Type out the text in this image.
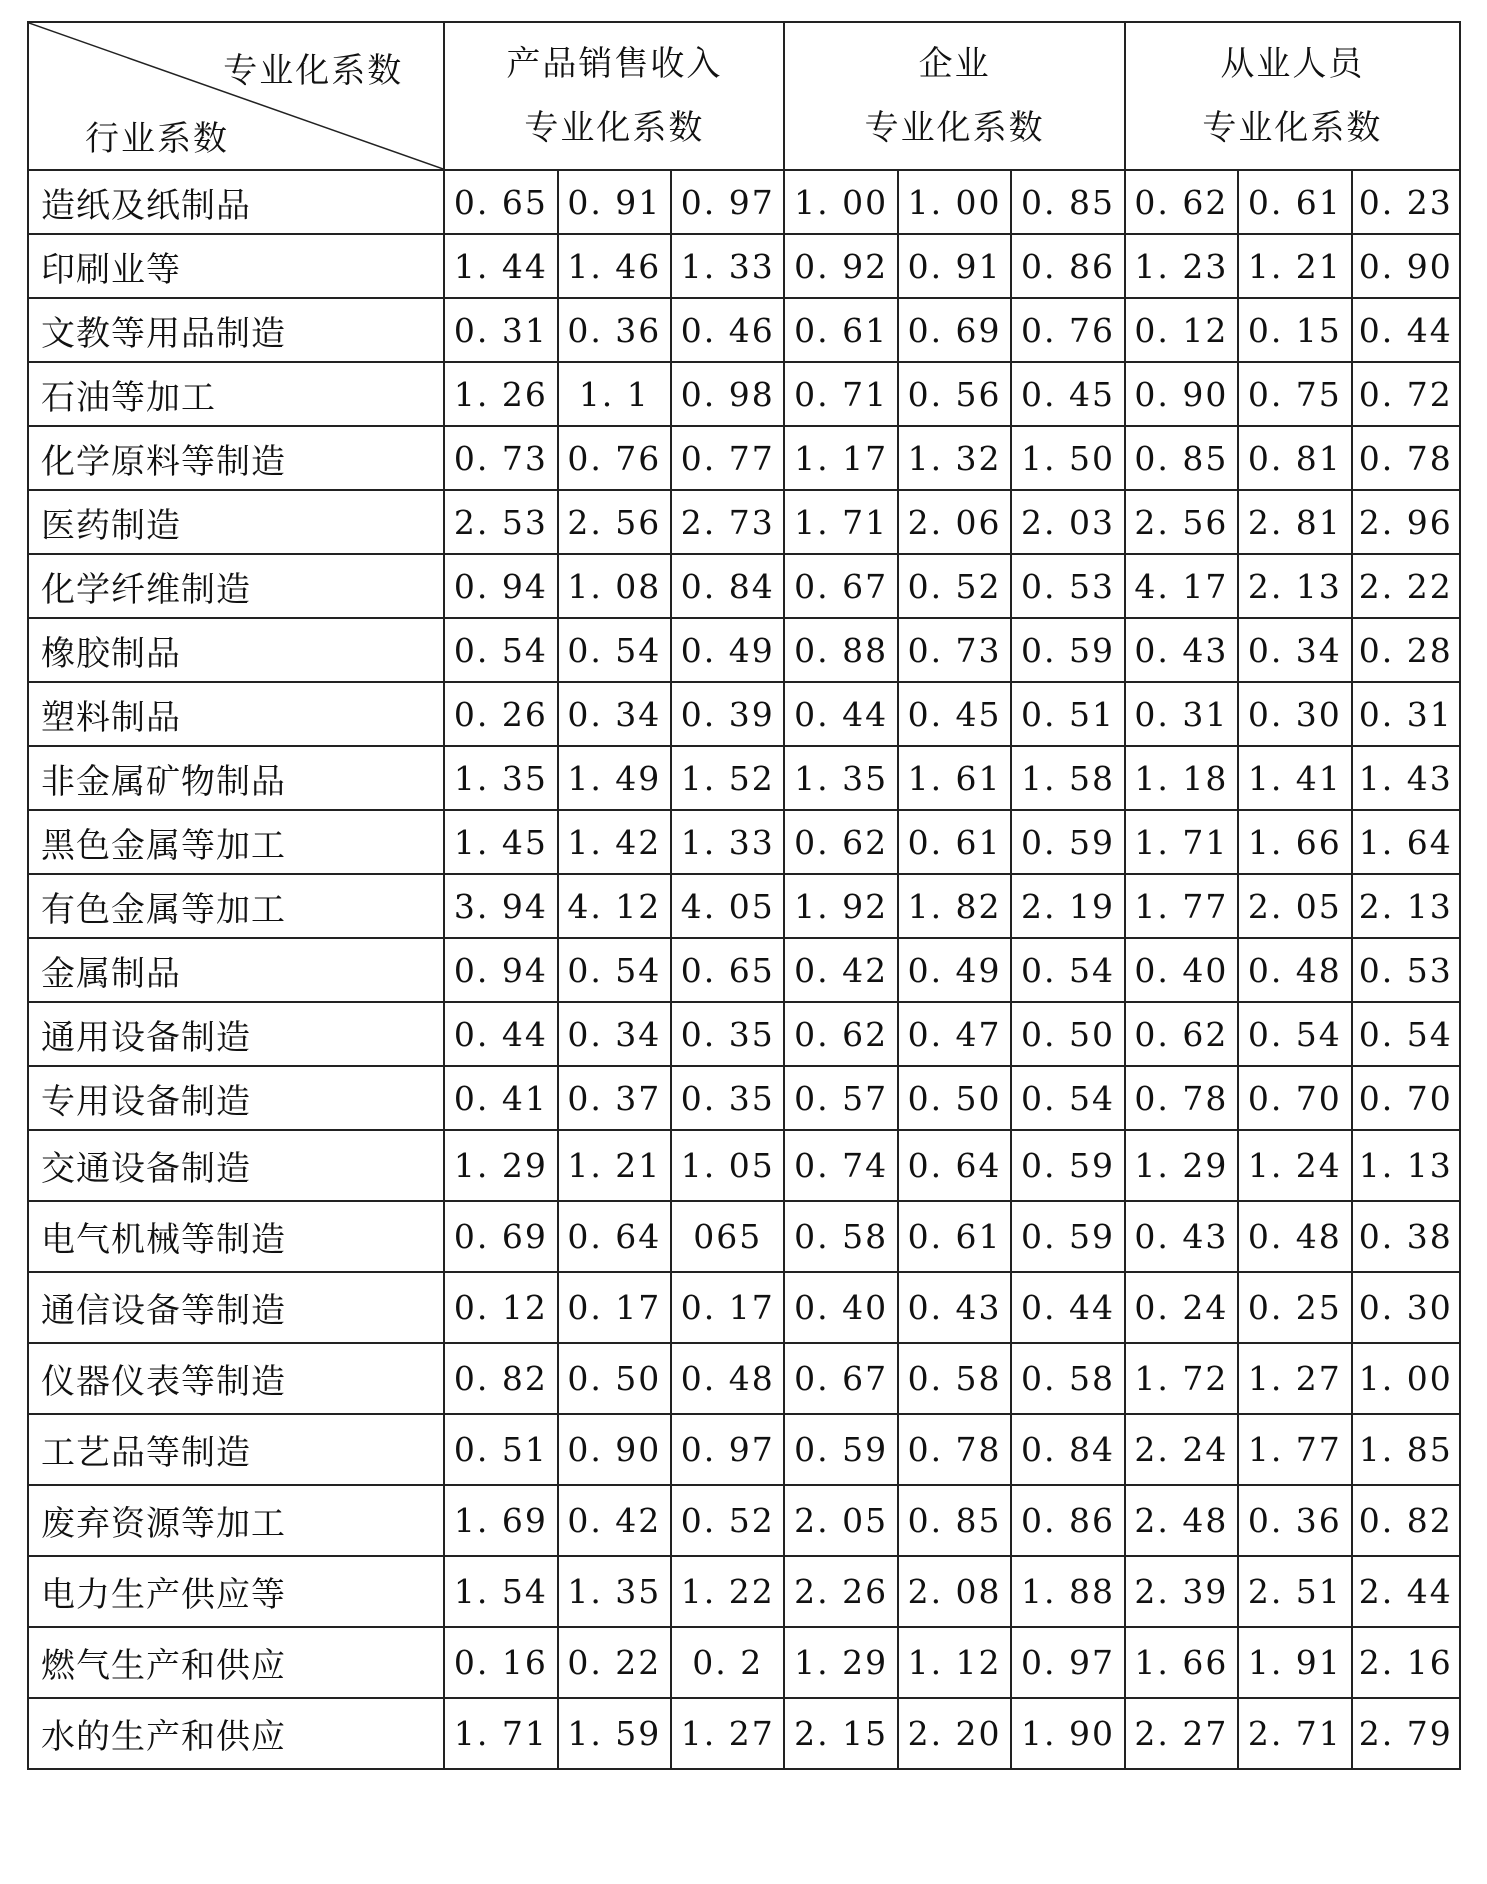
专业化系数
行业系数	产品销售收入
专业化系数			企业
专业化系数			从业人员
专业化系数		

造纸及纸制品	0. 65	0. 91	0. 97	1. 00	1. 00	0. 85	0. 62	0. 61	0. 23
印刷业等	1. 44	1. 46	1. 33	0. 92	0. 91	0. 86	1. 23	1. 21	0. 90
文教等用品制造	0. 31	0. 36	0. 46	0. 61	0. 69	0. 76	0. 12	0. 15	0. 44
石油等加工	1. 26	1. 1	0. 98	0. 71	0. 56	0. 45	0. 90	0. 75	0. 72
化学原料等制造	0. 73	0. 76	0. 77	1. 17	1. 32	1. 50	0. 85	0. 81	0. 78
医药制造	2. 53	2. 56	2. 73	1. 71	2. 06	2. 03	2. 56	2. 81	2. 96
化学纤维制造	0. 94	1. 08	0. 84	0. 67	0. 52	0. 53	4. 17	2. 13	2. 22
橡胶制品	0. 54	0. 54	0. 49	0. 88	0. 73	0. 59	0. 43	0. 34	0. 28
塑料制品	0. 26	0. 34	0. 39	0. 44	0. 45	0. 51	0. 31	0. 30	0. 31
非金属矿物制品	1. 35	1. 49	1. 52	1. 35	1. 61	1. 58	1. 18	1. 41	1. 43
黑色金属等加工	1. 45	1. 42	1. 33	0. 62	0. 61	0. 59	1. 71	1. 66	1. 64
有色金属等加工	3. 94	4. 12	4. 05	1. 92	1. 82	2. 19	1. 77	2. 05	2. 13
金属制品	0. 94	0. 54	0. 65	0. 42	0. 49	0. 54	0. 40	0. 48	0. 53
通用设备制造	0. 44	0. 34	0. 35	0. 62	0. 47	0. 50	0. 62	0. 54	0. 54
专用设备制造	0. 41	0. 37	0. 35	0. 57	0. 50	0. 54	0. 78	0. 70	0. 70
交通设备制造	1. 29	1. 21	1. 05	0. 74	0. 64	0. 59	1. 29	1. 24	1. 13
电气机械等制造	0. 69	0. 64	065	0. 58	0. 61	0. 59	0. 43	0. 48	0. 38
通信设备等制造	0. 12	0. 17	0. 17	0. 40	0. 43	0. 44	0. 24	0. 25	0. 30
仪器仪表等制造	0. 82	0. 50	0. 48	0. 67	0. 58	0. 58	1. 72	1. 27	1. 00
工艺品等制造	0. 51	0. 90	0. 97	0. 59	0. 78	0. 84	2. 24	1. 77	1. 85
废弃资源等加工	1. 69	0. 42	0. 52	2. 05	0. 85	0. 86	2. 48	0. 36	0. 82
电力生产供应等	1. 54	1. 35	1. 22	2. 26	2. 08	1. 88	2. 39	2. 51	2. 44
燃气生产和供应	0. 16	0. 22	0. 2	1. 29	1. 12	0. 97	1. 66	1. 91	2. 16
水的生产和供应	1. 71	1. 59	1. 27	2. 15	2. 20	1. 90	2. 27	2. 71	2. 79
